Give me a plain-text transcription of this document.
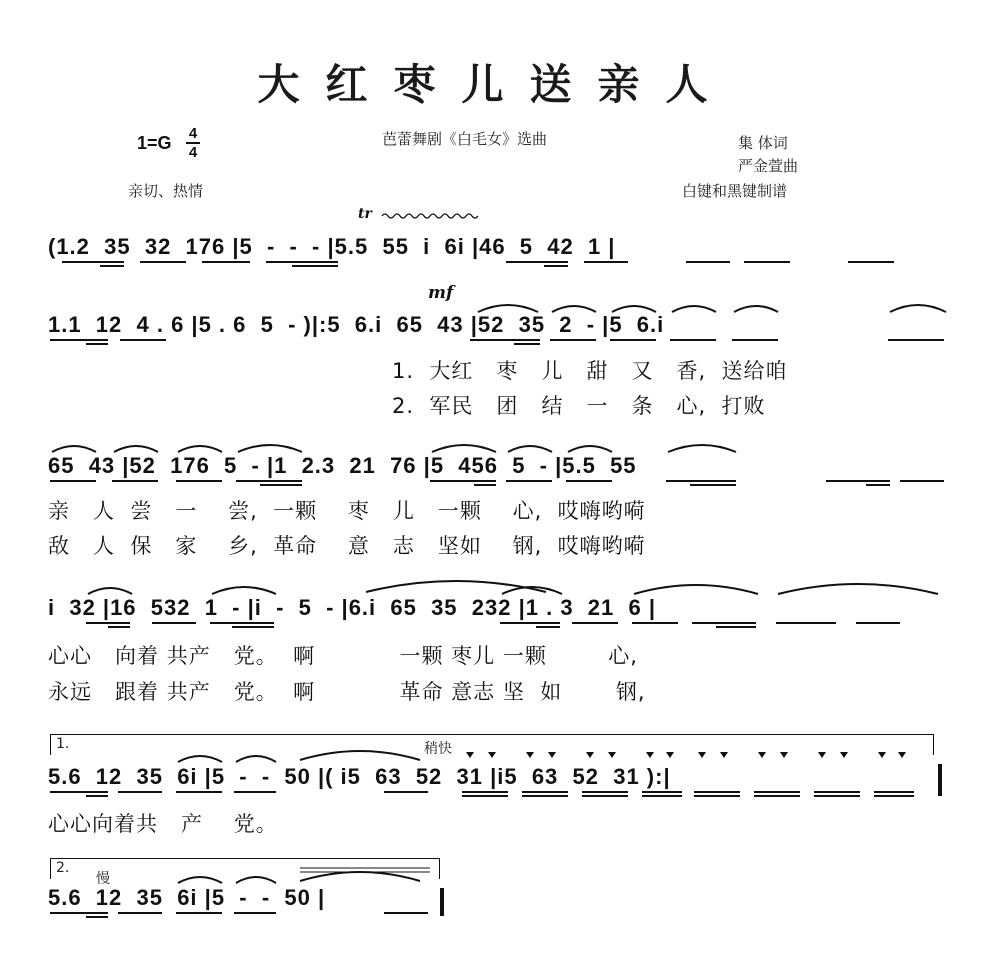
大红枣儿送亲人
1=G 4
4
芭蕾舞剧《白毛女》选曲	集 体词
严金萱曲
亲切、热情	白键和黑键制谱
tr
mf
稍快
慢
1.
2.
(1.2  35  32  176 |5  -  -  - |5.5  55  i  6i |46  5  42  1 |
1.1  12  4 . 6 |5 . 6  5  - )|:5  6.i  65  43 |52  35  2  - |5  6.i
65  43 |52  176  5  - |1  2.3  21  76 |5  456  5  - |5.5  55
i  32 |16  532  1  - |i  -  5  - |6.i  65  35  232 |1 . 3  21  6 |
5.6  12  35  6i |5  -  -  50 |( i5  63  52  31 |i5  63  52  31 ):|
5.6  12  35  6i |5  -  -  50 |
1.  大红   枣   儿   甜   又   香,  送给咱
2.  军民   团   结   一   条   心,  打败
亲   人  尝   一    尝,  一颗    枣   儿   一颗    心,  哎嗨哟嗬
敌   人  保   家    乡,  革命    意   志   坚如    钢,  哎嗨哟嗬
心心   向着 共产   党。  啊           一颗 枣儿 一颗        心,
永远   跟着 共产   党。  啊           革命 意志 坚  如       钢,
心心向着共   产    党。
